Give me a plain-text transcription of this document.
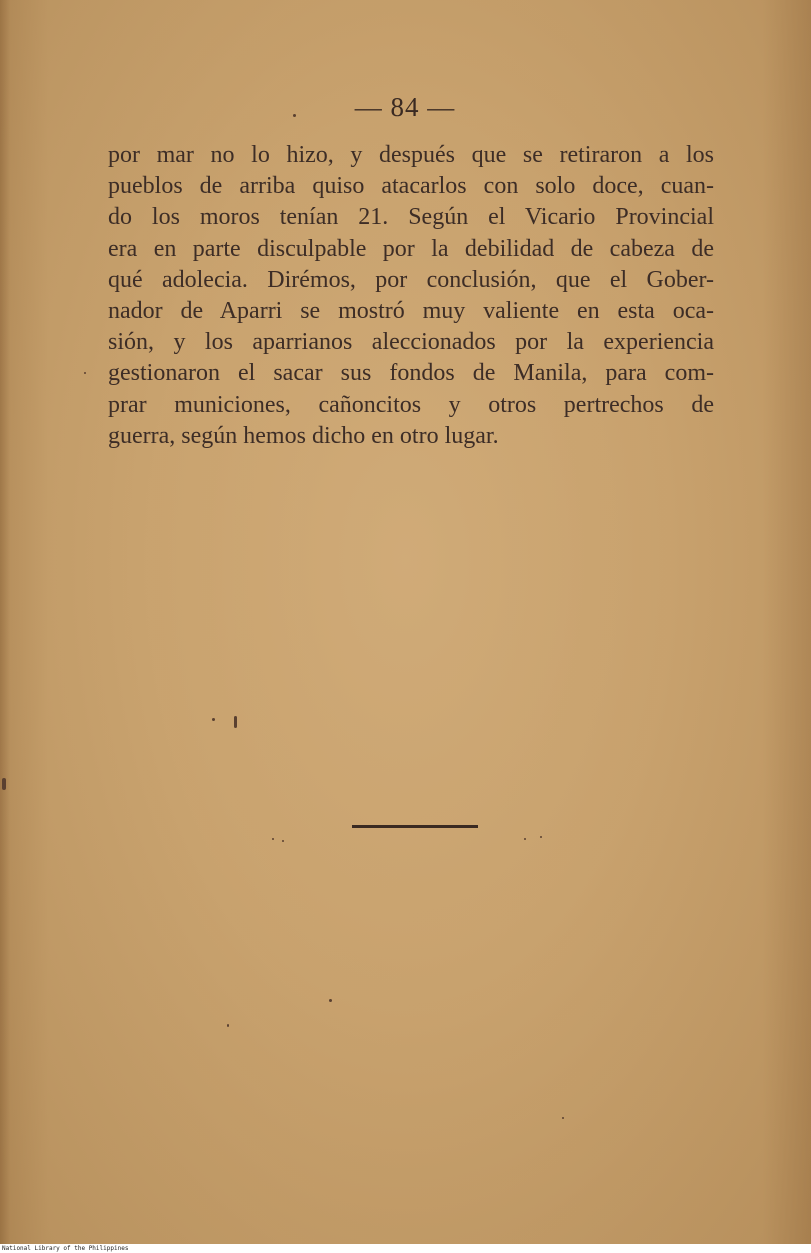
— 84 —
por mar no lo hizo, y después que se retiraron a los
pueblos de arriba quiso atacarlos con solo doce, cuan-
do los moros tenían 21. Según el Vicario Provincial
era en parte disculpable por la debilidad de cabeza de
qué adolecia. Dirémos, por conclusión, que el Gober-
nador de Aparri se mostró muy valiente en esta oca-
sión, y los aparrianos aleccionados por la experiencia
gestionaron el sacar sus fondos de Manila, para com-
prar municiones, cañoncitos y otros pertrechos de
guerra, según hemos dicho en otro lugar.
National Library of the Philippines
